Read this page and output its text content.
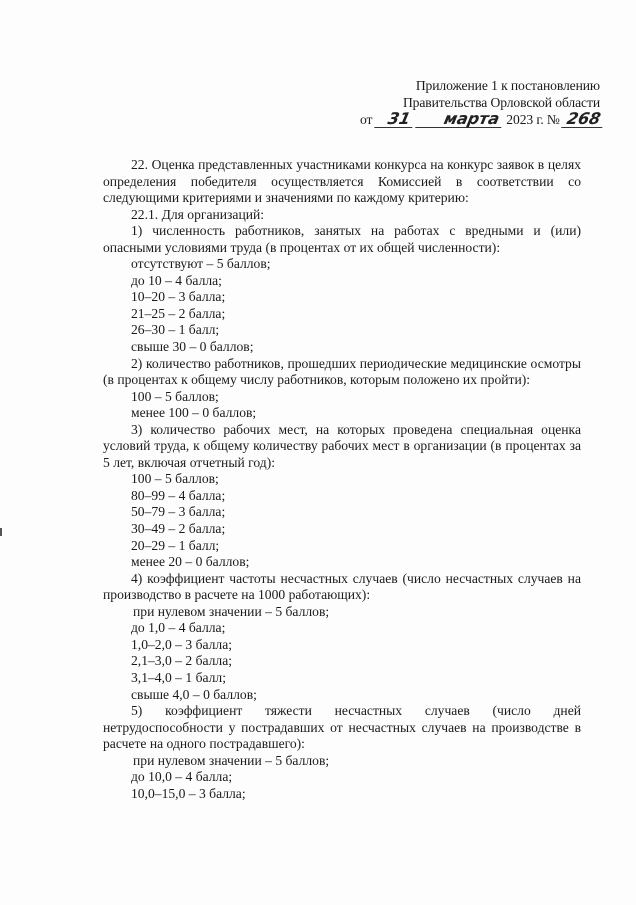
Приложение 1 к постановлению
Правительства Орловской области
от 31 марта 2023 г. № 268

22. Оценка представленных участниками конкурса на конкурс заявок в целях определения победителя осуществляется Комиссией в соответствии со следующими критериями и значениями по каждому критерию:

22.1. Для организаций:

1) численность работников, занятых на работах с вредными и (или) опасными условиями труда (в процентах от их общей численности):

отсутствуют – 5 баллов;

до 10 – 4 балла;

10–20 – 3 балла;

21–25 – 2 балла;

26–30 – 1 балл;

свыше 30 – 0 баллов;

2) количество работников, прошедших периодические медицинские осмотры (в процентах к общему числу работников, которым положено их пройти):

100 – 5 баллов;

менее 100 – 0 баллов;

3) количество рабочих мест, на которых проведена специальная оценка условий труда, к общему количеству рабочих мест в организации (в процентах за 5 лет, включая отчетный год):

100 – 5 баллов;

80–99 – 4 балла;

50–79 – 3 балла;

30–49 – 2 балла;

20–29 – 1 балл;

менее 20 – 0 баллов;

4) коэффициент частоты несчастных случаев (число несчастных случаев на производство в расчете на 1000 работающих):

при нулевом значении – 5 баллов;

до 1,0 – 4 балла;

1,0–2,0 – 3 балла;

2,1–3,0 – 2 балла;

3,1–4,0 – 1 балл;

свыше 4,0 – 0 баллов;

5) коэффициент тяжести несчастных случаев (число дней нетрудоспособности у пострадавших от несчастных случаев на производстве в расчете на одного пострадавшего):

при нулевом значении – 5 баллов;

до 10,0 – 4 балла;

10,0–15,0 – 3 балла;
